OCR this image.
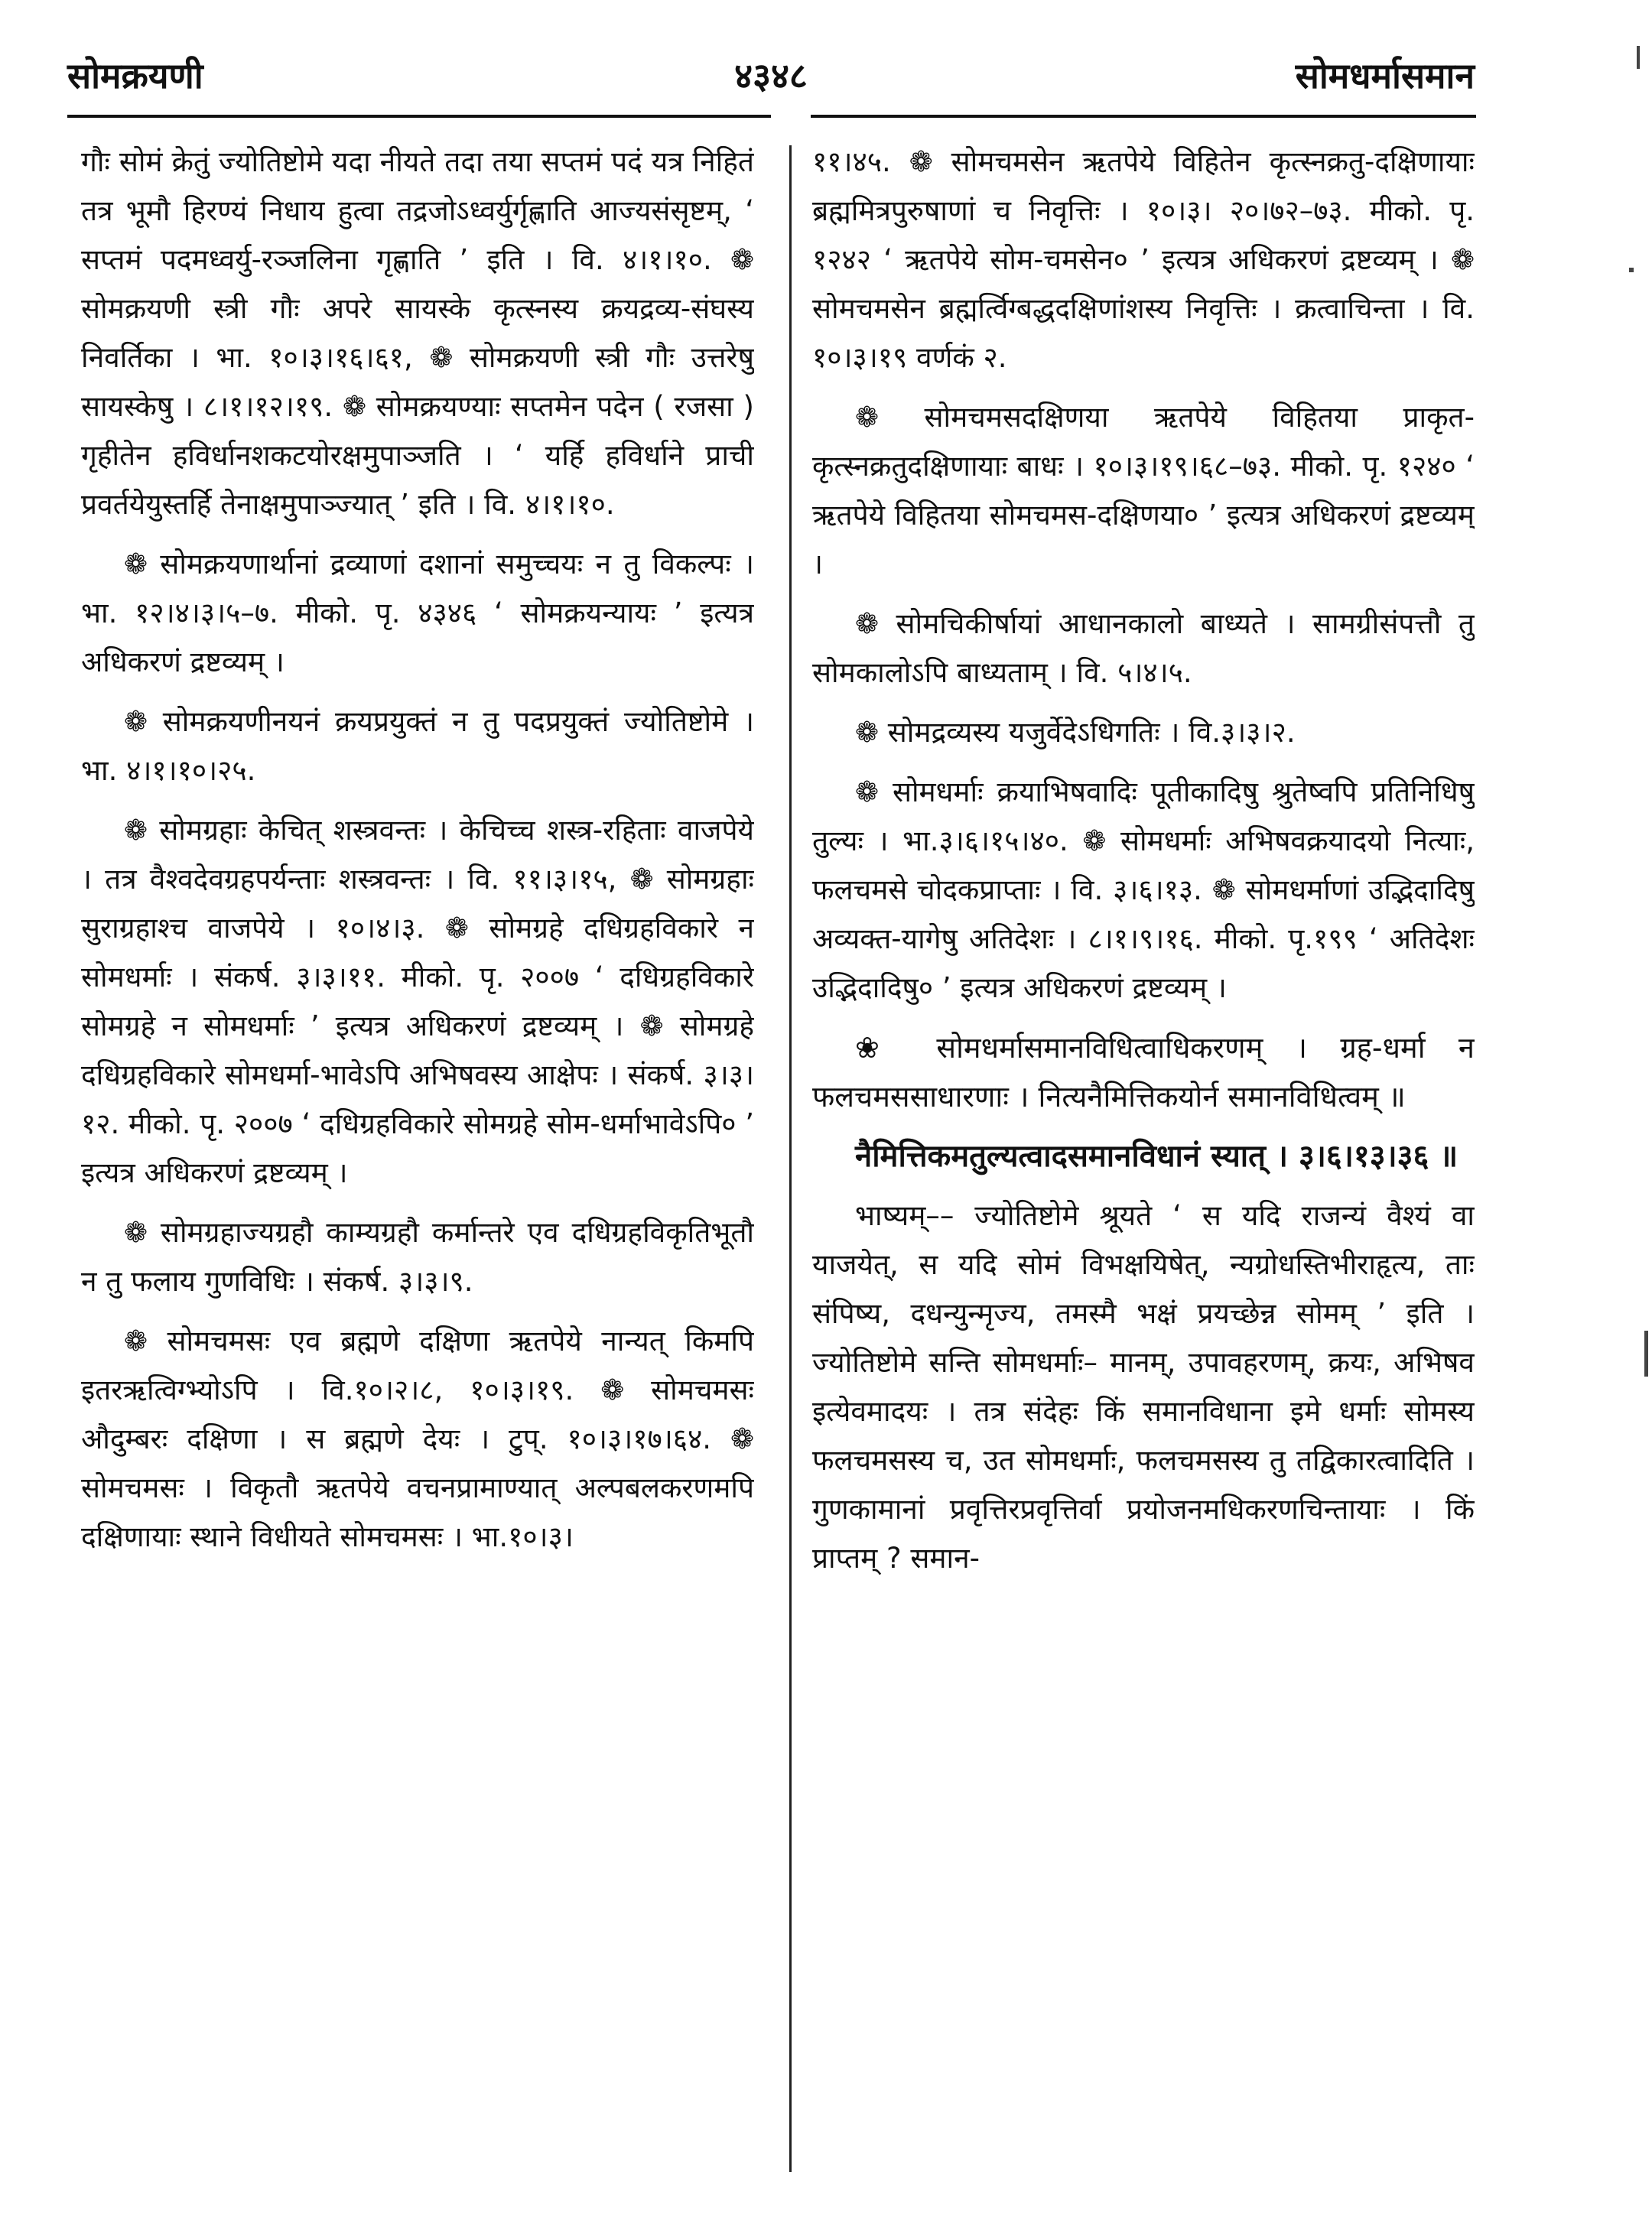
सोमक्रयणी	४३४८	सोमधर्मासमान

गौः सोमं क्रेतुं ज्योतिष्टोमे यदा नीयते तदा तया सप्तमं पदं यत्र निहितं तत्र भूमौ हिरण्यं निधाय हुत्वा तद्रजोऽध्वर्युर्गृह्णाति आज्यसंसृष्टम्, ‘ सप्तमं पदमध्वर्यु-रञ्जलिना गृह्णाति ’ इति । वि. ४।१।१०. ❁ सोमक्रयणी स्त्री गौः अपरे सायस्के कृत्स्नस्य क्रयद्रव्य-संघस्य निवर्तिका । भा. १०।३।१६।६१, ❁ सोमक्रयणी स्त्री गौः उत्तरेषु सायस्केषु । ८।१।१२।१९. ❁ सोमक्रयण्याः सप्तमेन पदेन ( रजसा ) गृहीतेन हविर्धानशकटयोरक्षमुपाञ्जति । ‘ यर्हि हविर्धाने प्राची प्रवर्तयेयुस्तर्हि तेनाक्षमुपाञ्ज्यात् ’ इति । वि. ४।१।१०.

❁ सोमक्रयणार्थानां द्रव्याणां दशानां समुच्चयः न तु विकल्पः । भा. १२।४।३।५–७. मीको. पृ. ४३४६ ‘ सोमक्रयन्यायः ’ इत्यत्र अधिकरणं द्रष्टव्यम् ।

❁ सोमक्रयणीनयनं क्रयप्रयुक्तं न तु पदप्रयुक्तं ज्योतिष्टोमे । भा. ४।१।१०।२५.

❁ सोमग्रहाः केचित् शस्त्रवन्तः । केचिच्च शस्त्र-रहिताः वाजपेये । तत्र वैश्वदेवग्रहपर्यन्ताः शस्त्रवन्तः । वि. ११।३।१५, ❁ सोमग्रहाः सुराग्रहाश्च वाजपेये । १०।४।३. ❁ सोमग्रहे दधिग्रहविकारे न सोमधर्माः । संकर्ष. ३।३।११. मीको. पृ. २००७ ‘ दधिग्रहविकारे सोमग्रहे न सोमधर्माः ’ इत्यत्र अधिकरणं द्रष्टव्यम् । ❁ सोमग्रहे दधिग्रहविकारे सोमधर्मा-भावेऽपि अभिषवस्य आक्षेपः । संकर्ष. ३।३।१२. मीको. पृ. २००७ ‘ दधिग्रहविकारे सोमग्रहे सोम-धर्माभावेऽपि० ’ इत्यत्र अधिकरणं द्रष्टव्यम् ।

❁ सोमग्रहाज्यग्रहौ काम्यग्रहौ कर्मान्तरे एव दधिग्रहविकृतिभूतौ न तु फलाय गुणविधिः । संकर्ष. ३।३।९.

❁ सोमचमसः एव ब्रह्मणे दक्षिणा ऋतपेये नान्यत् किमपि इतरऋत्विग्भ्योऽपि । वि.१०।२।८, १०।३।१९. ❁ सोमचमसः औदुम्बरः दक्षिणा । स ब्रह्मणे देयः । टुप्. १०।३।१७।६४. ❁ सोमचमसः । विकृतौ ऋतपेये वचनप्रामाण्यात् अल्पबलकरणमपि दक्षिणायाः स्थाने विधीयते सोमचमसः । भा.१०।३।

११।४५. ❁ सोमचमसेन ऋतपेये विहितेन कृत्स्नक्रतु-दक्षिणायाः ब्रह्ममित्रपुरुषाणां च निवृत्तिः । १०।३। २०।७२–७३. मीको. पृ. १२४२ ‘ ऋतपेये सोम-चमसेन० ’ इत्यत्र अधिकरणं द्रष्टव्यम् । ❁ सोमचमसेन ब्रह्मर्त्विग्बद्धदक्षिणांशस्य निवृत्तिः । क्रत्वाचिन्ता । वि. १०।३।१९ वर्णकं २.

❁ सोमचमसदक्षिणया ऋतपेये विहितया प्राकृत-कृत्स्नक्रतुदक्षिणायाः बाधः । १०।३।१९।६८–७३. मीको. पृ. १२४० ‘ ऋतपेये विहितया सोमचमस-दक्षिणया० ’ इत्यत्र अधिकरणं द्रष्टव्यम् ।

❁ सोमचिकीर्षायां आधानकालो बाध्यते । सामग्रीसंपत्तौ तु सोमकालोऽपि बाध्यताम् । वि. ५।४।५.

❁ सोमद्रव्यस्य यजुर्वेदेऽधिगतिः । वि.३।३।२.

❁ सोमधर्माः क्रयाभिषवादिः पूतीकादिषु श्रुतेष्वपि प्रतिनिधिषु तुल्यः । भा.३।६।१५।४०. ❁ सोमधर्माः अभिषवक्रयादयो नित्याः, फलचमसे चोदकप्राप्ताः । वि. ३।६।१३. ❁ सोमधर्माणां उद्भिदादिषु अव्यक्त-यागेषु अतिदेशः । ८।१।९।१६. मीको. पृ.१९९ ‘ अतिदेशः उद्भिदादिषु० ’ इत्यत्र अधिकरणं द्रष्टव्यम् ।

❀ सोमधर्मासमानविधित्वाधिकरणम् । ग्रह-धर्मा न फलचमससाधारणाः । नित्यनैमित्तिकयोर्न समानविधित्वम् ॥

नैमित्तिकमतुल्यत्वादसमानविधानं स्यात् । ३।६।१३।३६ ॥

भाष्यम्–– ज्योतिष्टोमे श्रूयते ‘ स यदि राजन्यं वैश्यं वा याजयेत्, स यदि सोमं विभक्षयिषेत्, न्यग्रोधस्तिभीराहृत्य, ताः संपिष्य, दधन्युन्मृज्य, तमस्मै भक्षं प्रयच्छेन्न सोमम् ’ इति । ज्योतिष्टोमे सन्ति सोमधर्माः– मानम्, उपावहरणम्, क्रयः, अभिषव इत्येवमादयः । तत्र संदेहः किं समानविधाना इमे धर्माः सोमस्य फलचमसस्य च, उत सोमधर्माः, फलचमसस्य तु तद्विकारत्वादिति । गुणकामानां प्रवृत्तिरप्रवृत्तिर्वा प्रयोजनमधिकरणचिन्तायाः । किं प्राप्तम् ? समान-
